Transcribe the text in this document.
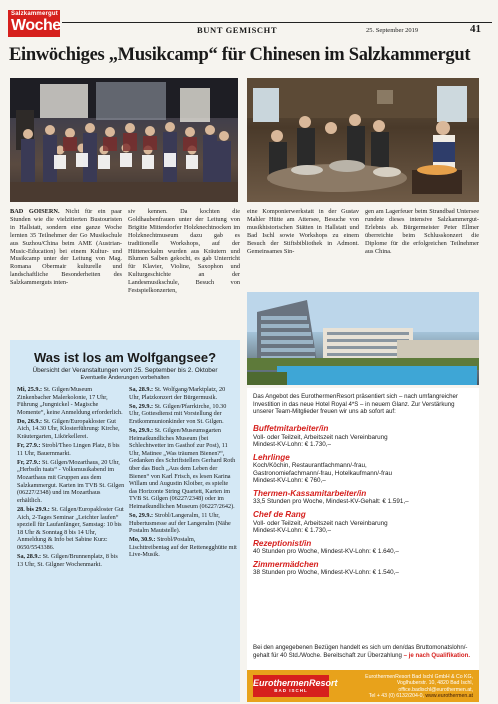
Salzkammergut
Woche	BUNT GEMISCHT	25. September 2019	41
Einwöchiges „Musikcamp“ für Chinesen im Salzkammergut
BAD GOISERN. Nicht für ein paar Stunden wie die vielzitierten Bustouristen in Hallstatt, sondern eine ganze Woche lernten 35 Teilnehmer der Go Musikschule aus Suzhou/China beim AME (Austrian-Music-Education) bei einem Kultur- und Musikcamp unter der Leitung von Mag. Romana Obermair kulturelle und landschaftliche Besonderheiten des Salzkammerguts inten-
siv kennen. Da kochten die Goldhaubenfrauen unter der Leitung von Brigitte Mittendorfer Holzknechtnocken im Holzknechtmuseum dazu gab es traditionelle Workshops, auf der Hütteneckalm wurden aus Kräutern und Blumen Salben gekocht, es gab Unterricht für Klavier, Violine, Saxophon und Kulturgeschichte an der Landesmusikschule, Besuch von Festspielkonzerten,
eine Komponierwerkstatt in der Gustav Mahler Hütte am Attersee, Besuche von musikhistorischen Stätten in Hallstatt und Bad Ischl sowie Workshops zu einem Besuch der Stiftsbibliothek in Admont. Gemeinsames Sin-
gen am Lagerfeuer beim Strandbad Untersee rundete dieses intensive Salzkammergut-Erlebnis ab. Bürgermeister Peter Ellmer überreichte beim Schlusskonzert die Diplome für die erfolgreichen Teilnehmer aus China.
Was ist los am Wolfgangsee?
Übersicht der Veranstaltungen vom 25. September bis 2. Oktober
Eventuelle Änderungen vorbehalten
Mi, 25.9.: St. Gilgen/Museum Zinkenbacher Malerkolonie, 17 Uhr, Führung „Jungnickel - Magische Momente“, keine Anmeldung erforderlich.
Do, 26.9.: St. Gilgen/Europakloster Gut Aich, 14.30 Uhr, Klosterführung: Kirche, Kräutergarten, Likörkellerei.
Fr, 27.9.: Strobl/Theo Lingen Platz, 8 bis 11 Uhr, Bauernmarkt.
Fr, 27.9.: St. Gilgen/Mozarthaus, 20 Uhr, „Herbstln tuats“ - Volksmusikabend im Mozarthaus mit Gruppen aus dem Salzkammergut. Karten im TVB St. Gilgen (06227/2348) und im Mozarthaus erhältlich.
28. bis 29.9.: St. Gilgen/Europakloster Gut Aich, 2-Tages Seminar „Leichter laufen“ speziell für Laufanfänger, Samstag: 10 bis 18 Uhr & Sonntag 8 bis 14 Uhr, Anmeldung & Info bei Sabine Kurz: 0650/5543386.
Sa, 28.9.: St. Gilgen/Brunnenplatz, 8 bis 13 Uhr, St. Gilgner Wochenmarkt.
Sa, 28.9.: St. Wolfgang/Marktplatz, 20 Uhr, Platzkonzert der Bürgermusik.
So, 29.9.: St. Gilgen/Pfarrkirche, 10.30 Uhr, Gottesdienst mit Vorstellung der Erstkommunionkinder von St. Gilgen.
So, 29.9.: St. Gilgen/Museumsgarten Heimatkundliches Museum (bei Schlechtwetter im Gasthof zur Post), 11 Uhr, Matinee „Was träumen Bienen?“, Gedanken des Schriftstellers Gerhard Roth über das Buch „Aus dem Leben der Bienen“ von Karl Frisch, es lesen Karina Willam und Augustin Kloiber, es spielte das Horizonte String Quartett, Karten im TVB St. Gilgen (06227/2348) oder im Heimatkundlichen Museum (06227/2642).
So, 29.9.: Strobl/Langeralm, 11 Uhr, Hubertusmesse auf der Langeralm (Nähe Postalm Mautstelle).
Mo, 30.9.: Strobl/Postalm, Lischttreibentag auf der Rettenegghütte mit Live-Musik.
Das Angebot des EurothermenResort präsentiert sich – nach umfangreicher Investition in das neue Hotel Royal 4*S – in neuem Glanz. Zur Verstärkung unserer Team-Mitglieder freuen wir uns ab sofort auf:
Buffetmitarbeiter/in
Voll- oder Teilzeit, Arbeitszeit nach Vereinbarung
Mindest-KV-Lohn: € 1.730,–
Lehrlinge
Koch/Köchin, Restaurantfachmann/-frau,
Gastronomiefachmann/-frau, Hotelkaufmann/-frau
Mindest-KV-Lohn: € 760,–
Thermen-Kassamitarbeiter/in
33,5 Stunden pro Woche, Mindest-KV-Gehalt: € 1.591,–
Chef de Rang
Voll- oder Teilzeit, Arbeitszeit nach Vereinbarung
Mindest-KV-Lohn: € 1.730,–
Rezeptionist/in
40 Stunden pro Woche, Mindest-KV-Lohn: € 1.640,–
Zimmermädchen
38 Stunden pro Woche, Mindest-KV-Lohn: € 1.540,–
Bei den angegebenen Bezügen handelt es sich um den/das Bruttomonatslohn/-gehalt für 40 Std./Woche. Bereitschaft zur Überzahlung – je nach Qualifikation.
EurothermenResort
BAD ISCHL
EurothermenResort Bad Ischl GmbH & Co KG,
Voglhuberstr. 10, 4820 Bad Ischl,
office.badischl@eurothermen.at,
Tel + 43 (0) 6132/204-0, www.eurothermen.at
